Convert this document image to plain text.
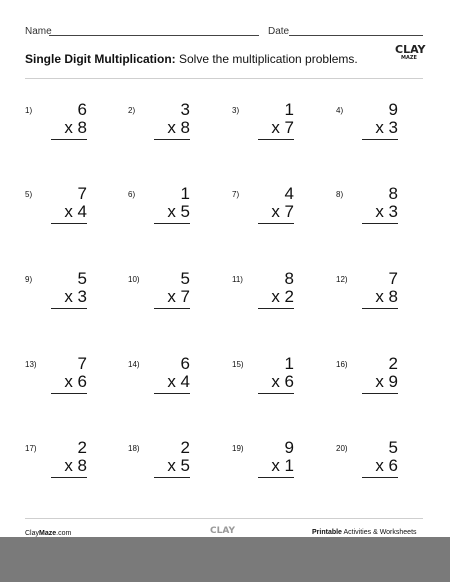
Name	Date
Single Digit Multiplication: Solve the multiplication problems.
CLAY
MAZE
1)	6
x 8
2)	3
x 8
3)	1
x 7
4)	9
x 3
5)	7
x 4
6)	1
x 5
7)	4
x 7
8)	8
x 3
9)	5
x 3
10)	5
x 7
11)	8
x 2
12)	7
x 8
13)	7
x 6
14)	6
x 4
15)	1
x 6
16)	2
x 9
17)	2
x 8
18)	2
x 5
19)	9
x 1
20)	5
x 6
ClayMaze.com	CLAY	Printable Activities & Worksheets
